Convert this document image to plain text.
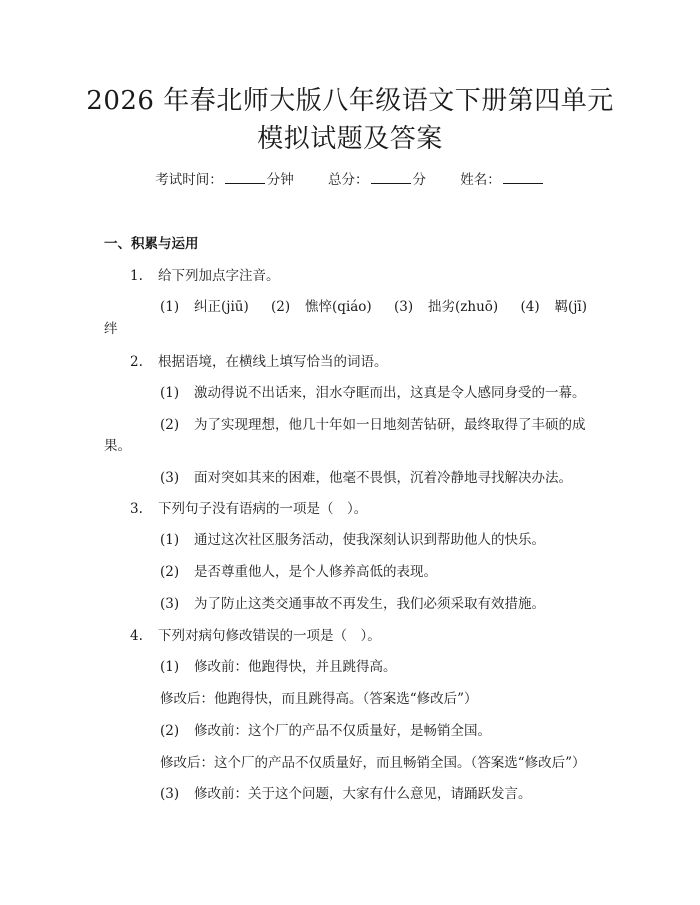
2026 年春北师大版八年级语文下册第四单元
模拟试题及答案
考试时间：	分钟	总分：	分	姓名：
一、积累与运用
1. 给下列加点字注音。
(1) 纠正(jiū) (2) 憔悴(qiáo) (3) 拙劣(zhuō) (4) 羁(jī)
绊
2. 根据语境，在横线上填写恰当的词语。
(1) 激动得说不出话来，泪水夺眶而出，这真是令人感同身受的一幕。
(2) 为了实现理想，他几十年如一日地刻苦钻研，最终取得了丰硕的成
果。
(3) 面对突如其来的困难，他毫不畏惧，沉着冷静地寻找解决办法。
3. 下列句子没有语病的一项是（　）。
(1) 通过这次社区服务活动，使我深刻认识到帮助他人的快乐。
(2) 是否尊重他人，是个人修养高低的表现。
(3) 为了防止这类交通事故不再发生，我们必须采取有效措施。
4. 下列对病句修改错误的一项是（　）。
(1) 修改前：他跑得快，并且跳得高。
修改后：他跑得快，而且跳得高。（答案选“修改后”）
(2) 修改前：这个厂的产品不仅质量好，是畅销全国。
修改后：这个厂的产品不仅质量好，而且畅销全国。（答案选“修改后”）
(3) 修改前：关于这个问题，大家有什么意见，请踊跃发言。
